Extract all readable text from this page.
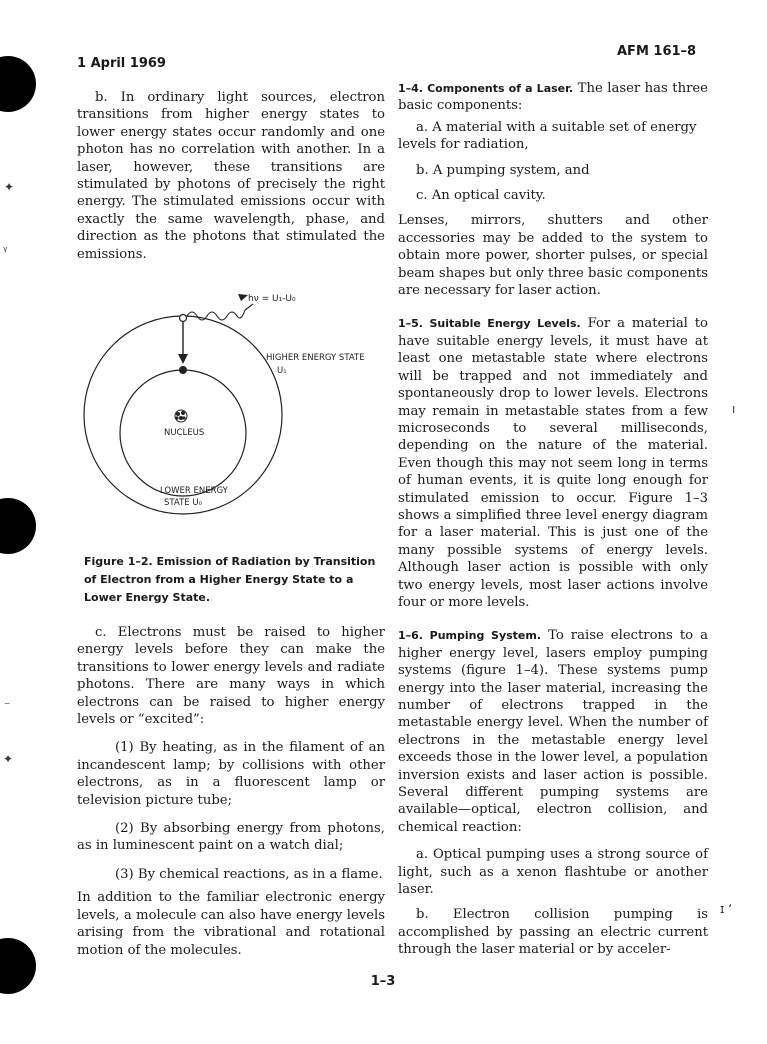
✦
ᵧ
⁻
✦
ı
ɪ ʻ
1 April 1969
AFM 161–8

b. In ordinary light sources, electron transitions from higher energy states to lower energy states occur randomly and one photon has no correlation with another. In a laser, however, these transitions are stimulated by photons of precisely the right energy. The stimulated emissions occur with exactly the same wavelength, phase, and direction as the photons that stimulated the emissions.

hν = U₁-U₀
NUCLEUS
HIGHER ENERGY STATE
U₁
LOWER ENERGY
STATE U₀
Figure 1–2. Emission of Radiation by Transition of Electron from a Higher Energy State to a Lower Energy State.

c. Electrons must be raised to higher energy levels before they can make the transitions to lower energy levels and radiate photons. There are many ways in which electrons can be raised to higher energy levels or “excited”:

(1) By heating, as in the filament of an incandescent lamp; by collisions with other electrons, as in a fluorescent lamp or television picture tube;

(2) By absorbing energy from photons, as in luminescent paint on a watch dial;

(3) By chemical reactions, as in a flame.

In addition to the familiar electronic energy levels, a molecule can also have energy levels arising from the vibrational and rotational motion of the molecules.

1–4. Components of a Laser. The laser has three basic components:

a. A material with a suitable set of energy levels for radiation,

b. A pumping system, and

c. An optical cavity.

Lenses, mirrors, shutters and other accessories may be added to the system to obtain more power, shorter pulses, or special beam shapes but only three basic components are necessary for laser action.

1–5. Suitable Energy Levels. For a material to have suitable energy levels, it must have at least one metastable state where electrons will be trapped and not immediately and spontaneously drop to lower levels. Electrons may remain in metastable states from a few microseconds to several milliseconds, depending on the nature of the material. Even though this may not seem long in terms of human events, it is quite long enough for stimulated emission to occur. Figure 1–3 shows a simplified three level energy diagram for a laser material. This is just one of the many possible systems of energy levels. Although laser action is possible with only two energy levels, most laser actions involve four or more levels.

1–6. Pumping System. To raise electrons to a higher energy level, lasers employ pumping systems (figure 1–4). These systems pump energy into the laser material, increasing the number of electrons trapped in the metastable energy level. When the number of electrons in the metastable energy level exceeds those in the lower level, a population inversion exists and laser action is possible. Several different pumping systems are available—optical, electron collision, and chemical reaction:

a. Optical pumping uses a strong source of light, such as a xenon flashtube or another laser.

b. Electron collision pumping is accomplished by passing an electric current through the laser material or by acceler-

1–3
